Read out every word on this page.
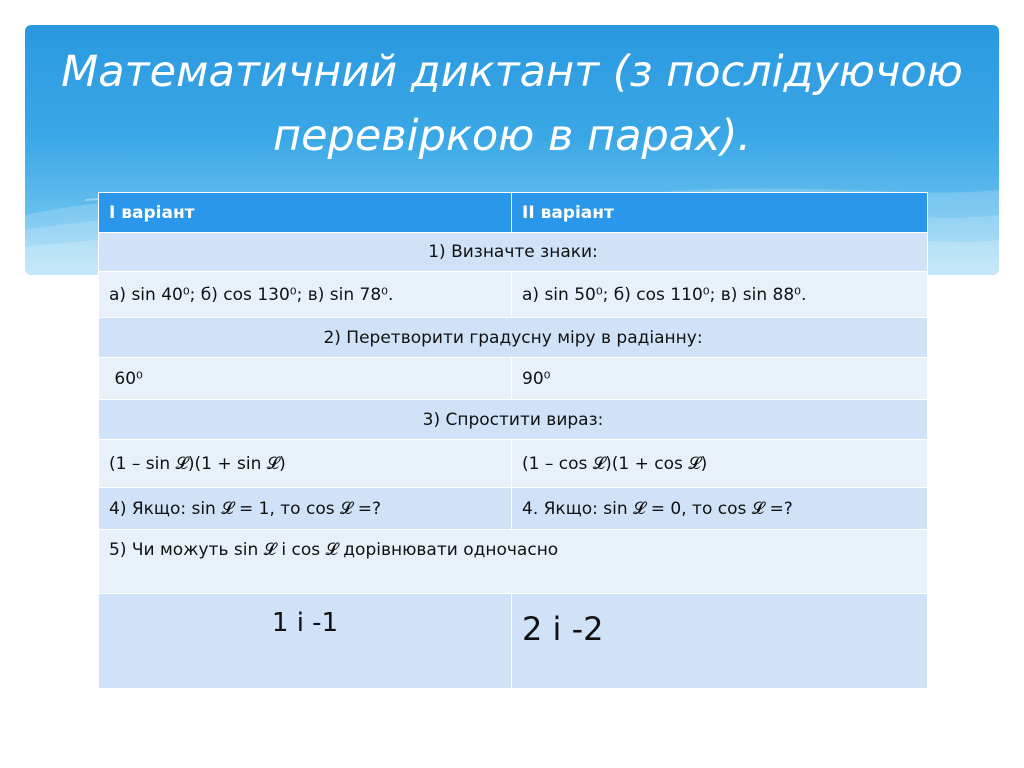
Математичний диктант (з послідуючою перевіркою в парах).
I варіант	II варіант
1) Визначте знаки:	
а) sin 40⁰; б) cos 130⁰; в) sin 78⁰.	а) sin 50⁰; б) cos 110⁰; в) sin 88⁰.
2) Перетворити градусну міру в радіанну:	
60⁰	90⁰
3) Спростити вираз:	
(1 – sin 𝓛)(1 + sin 𝓛)	(1 – cos 𝓛)(1 + cos 𝓛)
4) Якщо: sin 𝓛 = 1, то cos 𝓛 =?	4. Якщо: sin 𝓛 = 0, то cos 𝓛 =?
5) Чи можуть sin 𝓛 і cos 𝓛 дорівнювати одночасно	
1 і -1	2 і -2
